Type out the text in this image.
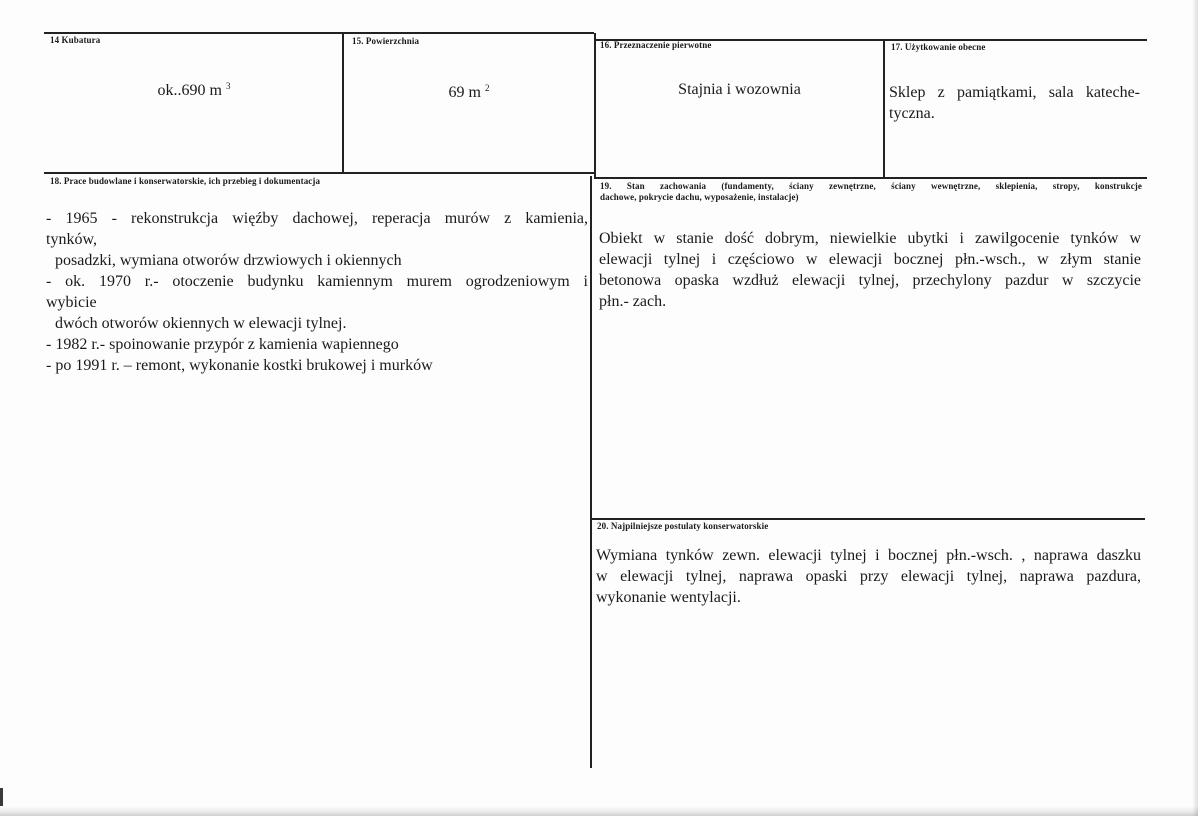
14 Kubatura
ok..690 m $^3$
15. Powierzchnia
69 m $^2$
16. Przeznaczenie pierwotne
Stajnia i wozownia
17. Użytkowanie obecne
Sklep z pamiątkami, sala kateche-
tyczna.
18. Prace budowlane i konserwatorskie, ich przebieg i dokumentacja
- 1965 - rekonstrukcja więźby dachowej, reperacja murów z kamienia,
tynków,
posadzki, wymiana otworów drzwiowych i okiennych
- ok. 1970 r.- otoczenie budynku kamiennym murem ogrodzeniowym i
wybicie
dwóch otworów okiennych w elewacji tylnej.
- 1982 r.- spoinowanie przypór z kamienia wapiennego
- po 1991 r. – remont, wykonanie kostki brukowej i murków
19. Stan zachowania (fundamenty, ściany zewnętrzne, ściany wewnętrzne, sklepienia, stropy, konstrukcje
dachowe, pokrycie dachu, wyposażenie, instalacje)
Obiekt w stanie dość dobrym, niewielkie ubytki i zawilgocenie tynków w
elewacji tylnej i częściowo w elewacji bocznej płn.-wsch., w złym stanie
betonowa opaska wzdłuż elewacji tylnej, przechylony pazdur w szczycie
płn.- zach.
20. Najpilniejsze postulaty konserwatorskie
Wymiana tynków zewn. elewacji tylnej i bocznej płn.-wsch. , naprawa daszku
w elewacji tylnej, naprawa opaski przy elewacji tylnej, naprawa pazdura,
wykonanie wentylacji.
